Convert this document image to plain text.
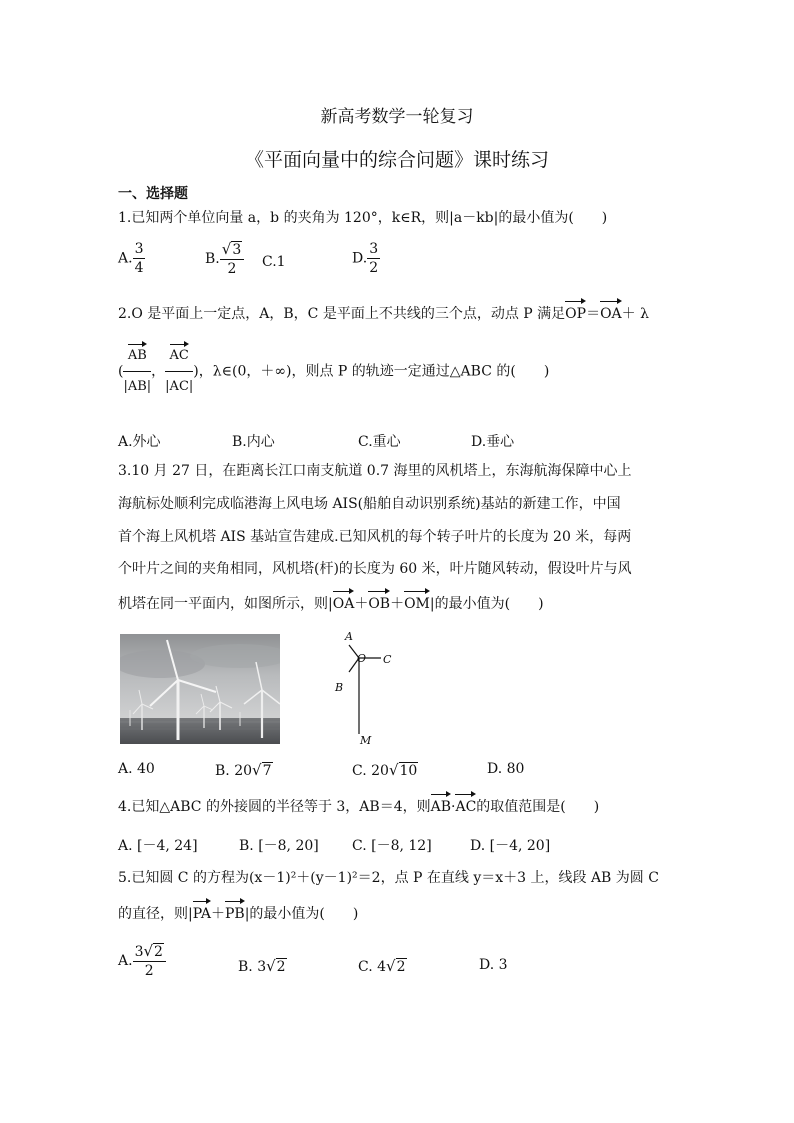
新高考数学一轮复习
《平面向量中的综合问题》课时练习
一、选择题
1.已知两个单位向量 a，b 的夹角为 120°，k∈R，则|a－kb|的最小值为(　　)
A. $\frac{3}{4}$	B. $\frac{√3}{2} C.1$	D. $\frac{3}{2}$
2.O 是平面上一定点，A，B，C 是平面上不共线的三个点，动点 P 满足OP＝OA＋ λ
( $\frac{AB}{|AB|}$ ， $\frac{AC}{|AC|}$ )，λ∈(0，＋∞)，则点 P 的轨迹一定通过△ABC 的(　　)
A.外心	B.内心	C.重心	D.垂心
3.10 月 27 日，在距离长江口南支航道 0.7 海里的风机塔上，东海航海保障中心上
海航标处顺利完成临港海上风电场 AIS(船舶自动识别系统)基站的新建工作，中国
首个海上风机塔 AIS 基站宣告建成.已知风机的每个转子叶片的长度为 20 米，每两
个叶片之间的夹角相同，风机塔(杆)的长度为 60 米，叶片随风转动，假设叶片与风
机塔在同一平面内，如图所示，则|OA＋OB＋OM|的最小值为(　　)
A
O C
B
M
A. 40	B. 20√7	C. 20√10	D. 80
4.已知△ABC 的外接圆的半径等于 3，AB＝4，则AB·AC的取值范围是(　　)
A. [－4, 24]	B. [－8, 20] C. [－8, 12]	D. [－4, 20]
5.已知圆 C 的方程为(x－1)²＋(y－1)²＝2，点 P 在直线 y＝x＋3 上，线段 AB 为圆 C
的直径，则|PA＋PB|的最小值为(　　)
A. $\frac{3√2}{2}$	B. 3√2	C. 4√2	D. 3
